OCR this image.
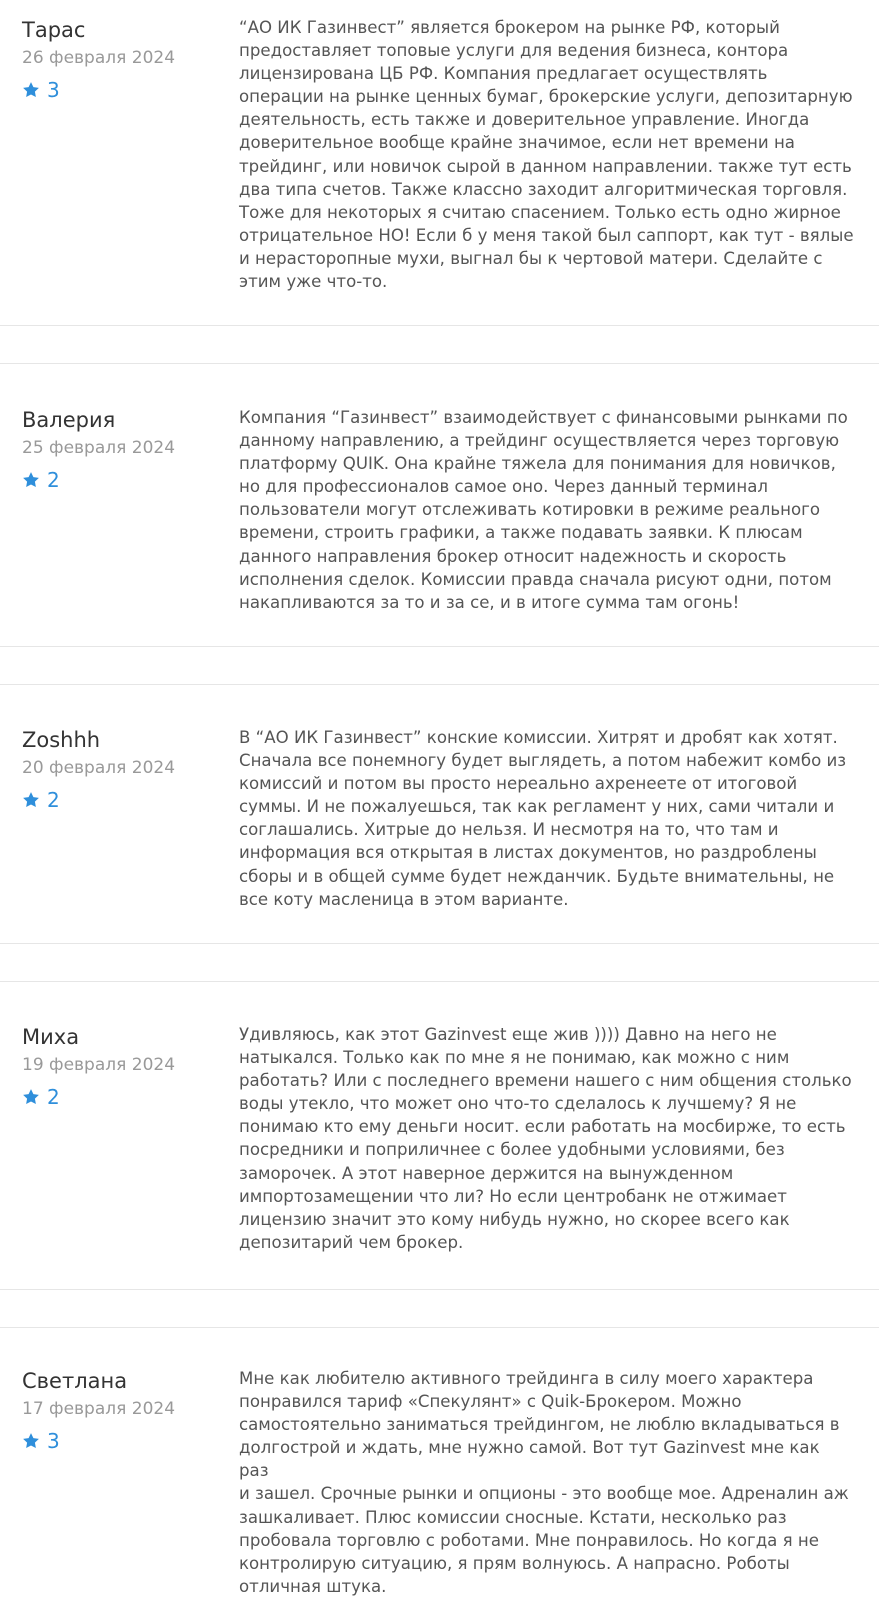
Тарас
26 февраля 2024
3
“АО ИК Газинвест” является брокером на рынке РФ, который
предоставляет топовые услуги для ведения бизнеса, контора
лицензирована ЦБ РФ. Компания предлагает осуществлять
операции на рынке ценных бумаг, брокерские услуги, депозитарную
деятельность, есть также и доверительное управление. Иногда
доверительное вообще крайне значимое, если нет времени на
трейдинг, или новичок сырой в данном направлении. также тут есть
два типа счетов. Также классно заходит алгоритмическая торговля.
Тоже для некоторых я считаю спасением. Только есть одно жирное
отрицательное НО! Если б у меня такой был саппорт, как тут - вялые
и нерасторопные мухи, выгнал бы к чертовой матери. Сделайте с
этим уже что-то.
Валерия
25 февраля 2024
2
Компания “Газинвест” взаимодействует с финансовыми рынками по
данному направлению, а трейдинг осуществляется через торговую
платформу QUIK. Она крайне тяжела для понимания для новичков,
но для профессионалов самое оно. Через данный терминал
пользователи могут отслеживать котировки в режиме реального
времени, строить графики, а также подавать заявки. К плюсам
данного направления брокер относит надежность и скорость
исполнения сделок. Комиссии правда сначала рисуют одни, потом
накапливаются за то и за се, и в итоге сумма там огонь!
Zoshhh
20 февраля 2024
2
В “АО ИК Газинвест” конские комиссии. Хитрят и дробят как хотят.
Сначала все понемногу будет выглядеть, а потом набежит комбо из
комиссий и потом вы просто нереально ахренеете от итоговой
суммы. И не пожалуешься, так как регламент у них, сами читали и
соглашались. Хитрые до нельзя. И несмотря на то, что там и
информация вся открытая в листах документов, но раздроблены
сборы и в общей сумме будет нежданчик. Будьте внимательны, не
все коту масленица в этом варианте.
Миха
19 февраля 2024
2
Удивляюсь, как этот Gazinvest еще жив )))) Давно на него не
натыкался. Только как по мне я не понимаю, как можно с ним
работать? Или с последнего времени нашего с ним общения столько
воды утекло, что может оно что-то сделалось к лучшему? Я не
понимаю кто ему деньги носит. если работать на мосбирже, то есть
посредники и поприличнее с более удобными условиями, без
заморочек. А этот наверное держится на вынужденном
импортозамещении что ли? Но если центробанк не отжимает
лицензию значит это кому нибудь нужно, но скорее всего как
депозитарий чем брокер.
Светлана
17 февраля 2024
3
Мне как любителю активного трейдинга в силу моего характера
понравился тариф «Спекулянт» с Quik-Брокером. Можно
самостоятельно заниматься трейдингом, не люблю вкладываться в
долгострой и ждать, мне нужно самой. Вот тут Gazinvest мне как раз
и зашел. Срочные рынки и опционы - это вообще мое. Адреналин аж
зашкаливает. Плюс комиссии сносные. Кстати, несколько раз
пробовала торговлю с роботами. Мне понравилось. Но когда я не
контролирую ситуацию, я прям волнуюсь. А напрасно. Роботы
отличная штука.
